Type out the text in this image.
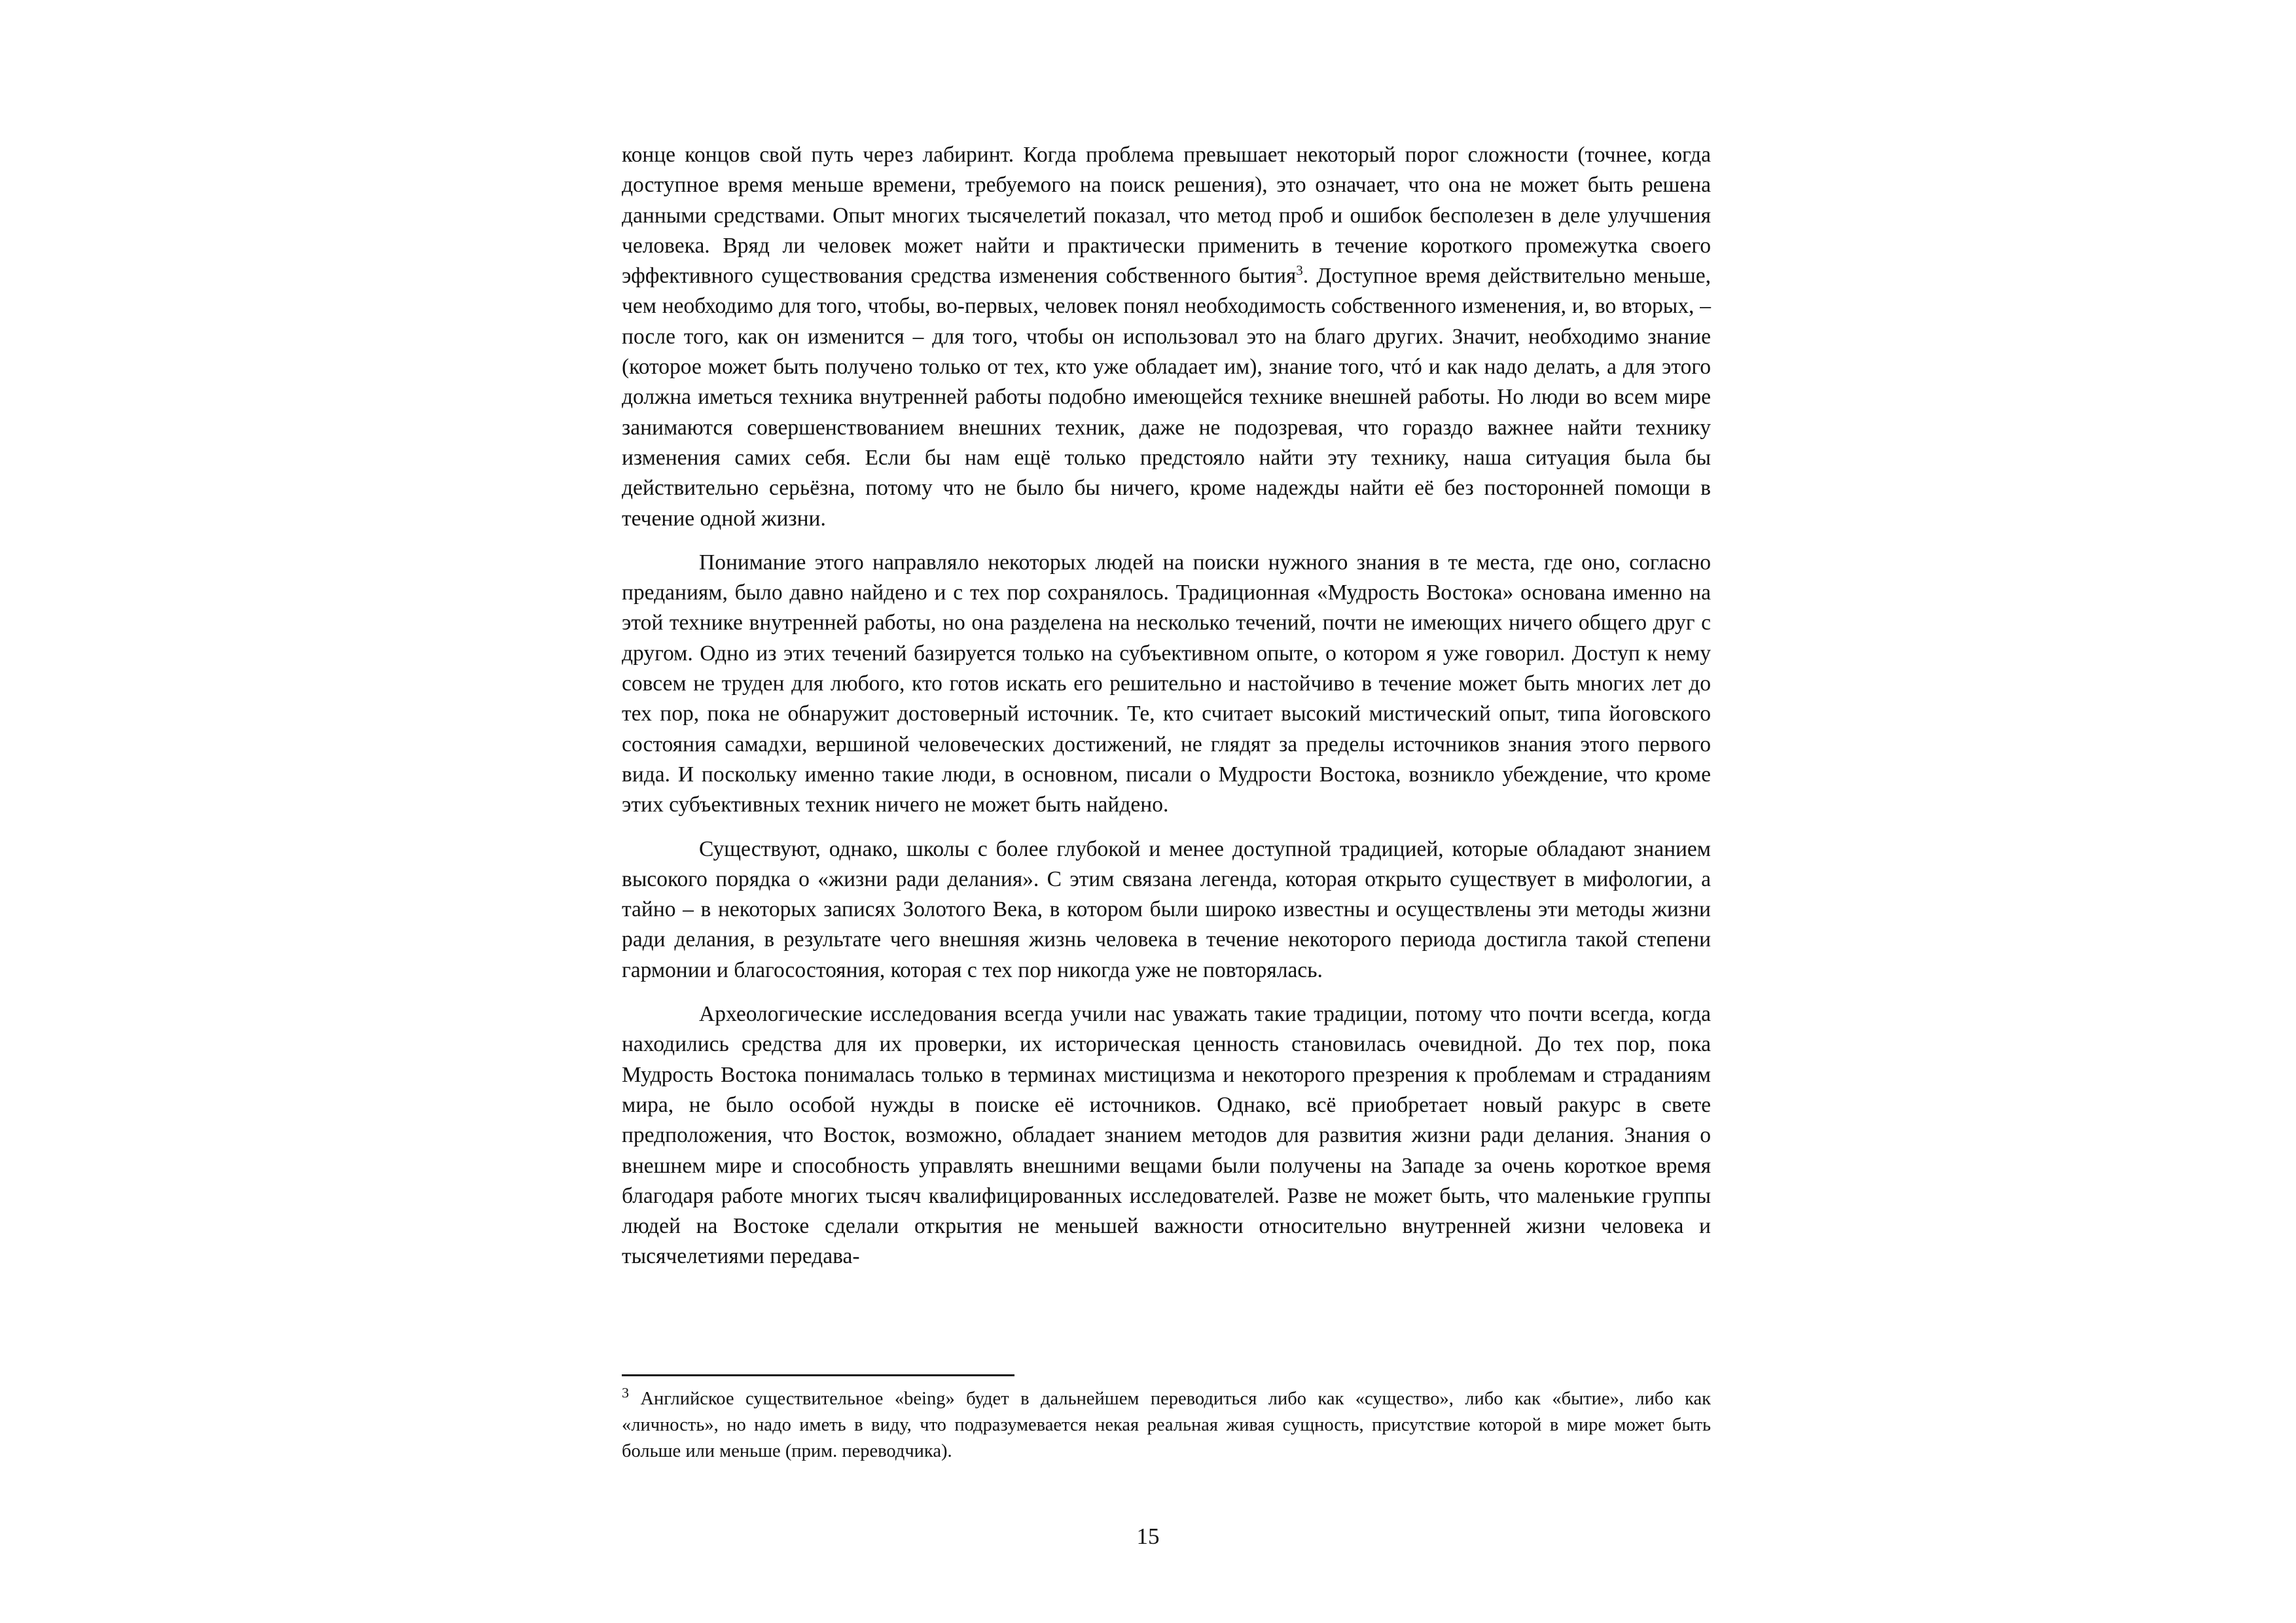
конце концов свой путь через лабиринт. Когда проблема превышает некоторый порог сложности (точнее, когда доступное время меньше времени, требуемого на поиск решения), это означает, что она не может быть решена данными средствами. Опыт многих тысячелетий показал, что метод проб и ошибок бесполезен в деле улучшения человека. Вряд ли человек может найти и практически применить в течение короткого промежутка своего эффективного существования средства изменения собственного бытия$^3$. Доступное время действительно меньше, чем необходимо для того, чтобы, во-первых, человек понял необходимость собственного изменения, и, во вторых, – после того, как он изменится – для того, чтобы он использовал это на благо других. Значит, необходимо знание (которое может быть получено только от тех, кто уже обладает им), знание того, чтó и как надо делать, а для этого должна иметься техника внутренней работы подобно имеющейся технике внешней работы. Но люди во всем мире занимаются совершенствованием внешних техник, даже не подозревая, что гораздо важнее найти технику изменения самих себя. Если бы нам ещё только предстояло найти эту технику, наша ситуация была бы действительно серьёзна, потому что не было бы ничего, кроме надежды найти её без посторонней помощи в течение одной жизни.

Понимание этого направляло некоторых людей на поиски нужного знания в те места, где оно, согласно преданиям, было давно найдено и с тех пор сохранялось. Традиционная «Мудрость Востока» основана именно на этой технике внутренней работы, но она разделена на несколько течений, почти не имеющих ничего общего друг с другом. Одно из этих течений базируется только на субъективном опыте, о котором я уже говорил. Доступ к нему совсем не труден для любого, кто готов искать его решительно и настойчиво в течение может быть многих лет до тех пор, пока не обнаружит достоверный источник. Те, кто считает высокий мистический опыт, типа йоговского состояния самадхи, вершиной человеческих достижений, не глядят за пределы источников знания этого первого вида. И поскольку именно такие люди, в основном, писали о Мудрости Востока, возникло убеждение, что кроме этих субъективных техник ничего не может быть найдено.

Существуют, однако, школы с более глубокой и менее доступной традицией, которые обладают знанием высокого порядка о «жизни ради делания». С этим связана легенда, которая открыто существует в мифологии, а тайно – в некоторых записях Золотого Века, в котором были широко известны и осуществлены эти методы жизни ради делания, в результате чего внешняя жизнь человека в течение некоторого периода достигла такой степени гармонии и благосостояния, которая с тех пор никогда уже не повторялась.

Археологические исследования всегда учили нас уважать такие традиции, потому что почти всегда, когда находились средства для их проверки, их историческая ценность становилась очевидной. До тех пор, пока Мудрость Востока понималась только в терминах мистицизма и некоторого презрения к проблемам и страданиям мира, не было особой нужды в поиске её источников. Однако, всё приобретает новый ракурс в свете предположения, что Восток, возможно, обладает знанием методов для развития жизни ради делания. Знания о внешнем мире и способность управлять внешними вещами были получены на Западе за очень короткое время благодаря работе многих тысяч квалифицированных исследователей. Разве не может быть, что маленькие группы людей на Востоке сделали открытия не меньшей важности относительно внутренней жизни человека и тысячелетиями передава-

$^3$ Английское существительное «being» будет в дальнейшем переводиться либо как «существо», либо как «бытие», либо как «личность», но надо иметь в виду, что подразумевается некая реальная живая сущность, присутствие которой в мире может быть больше или меньше (прим. переводчика).

15
